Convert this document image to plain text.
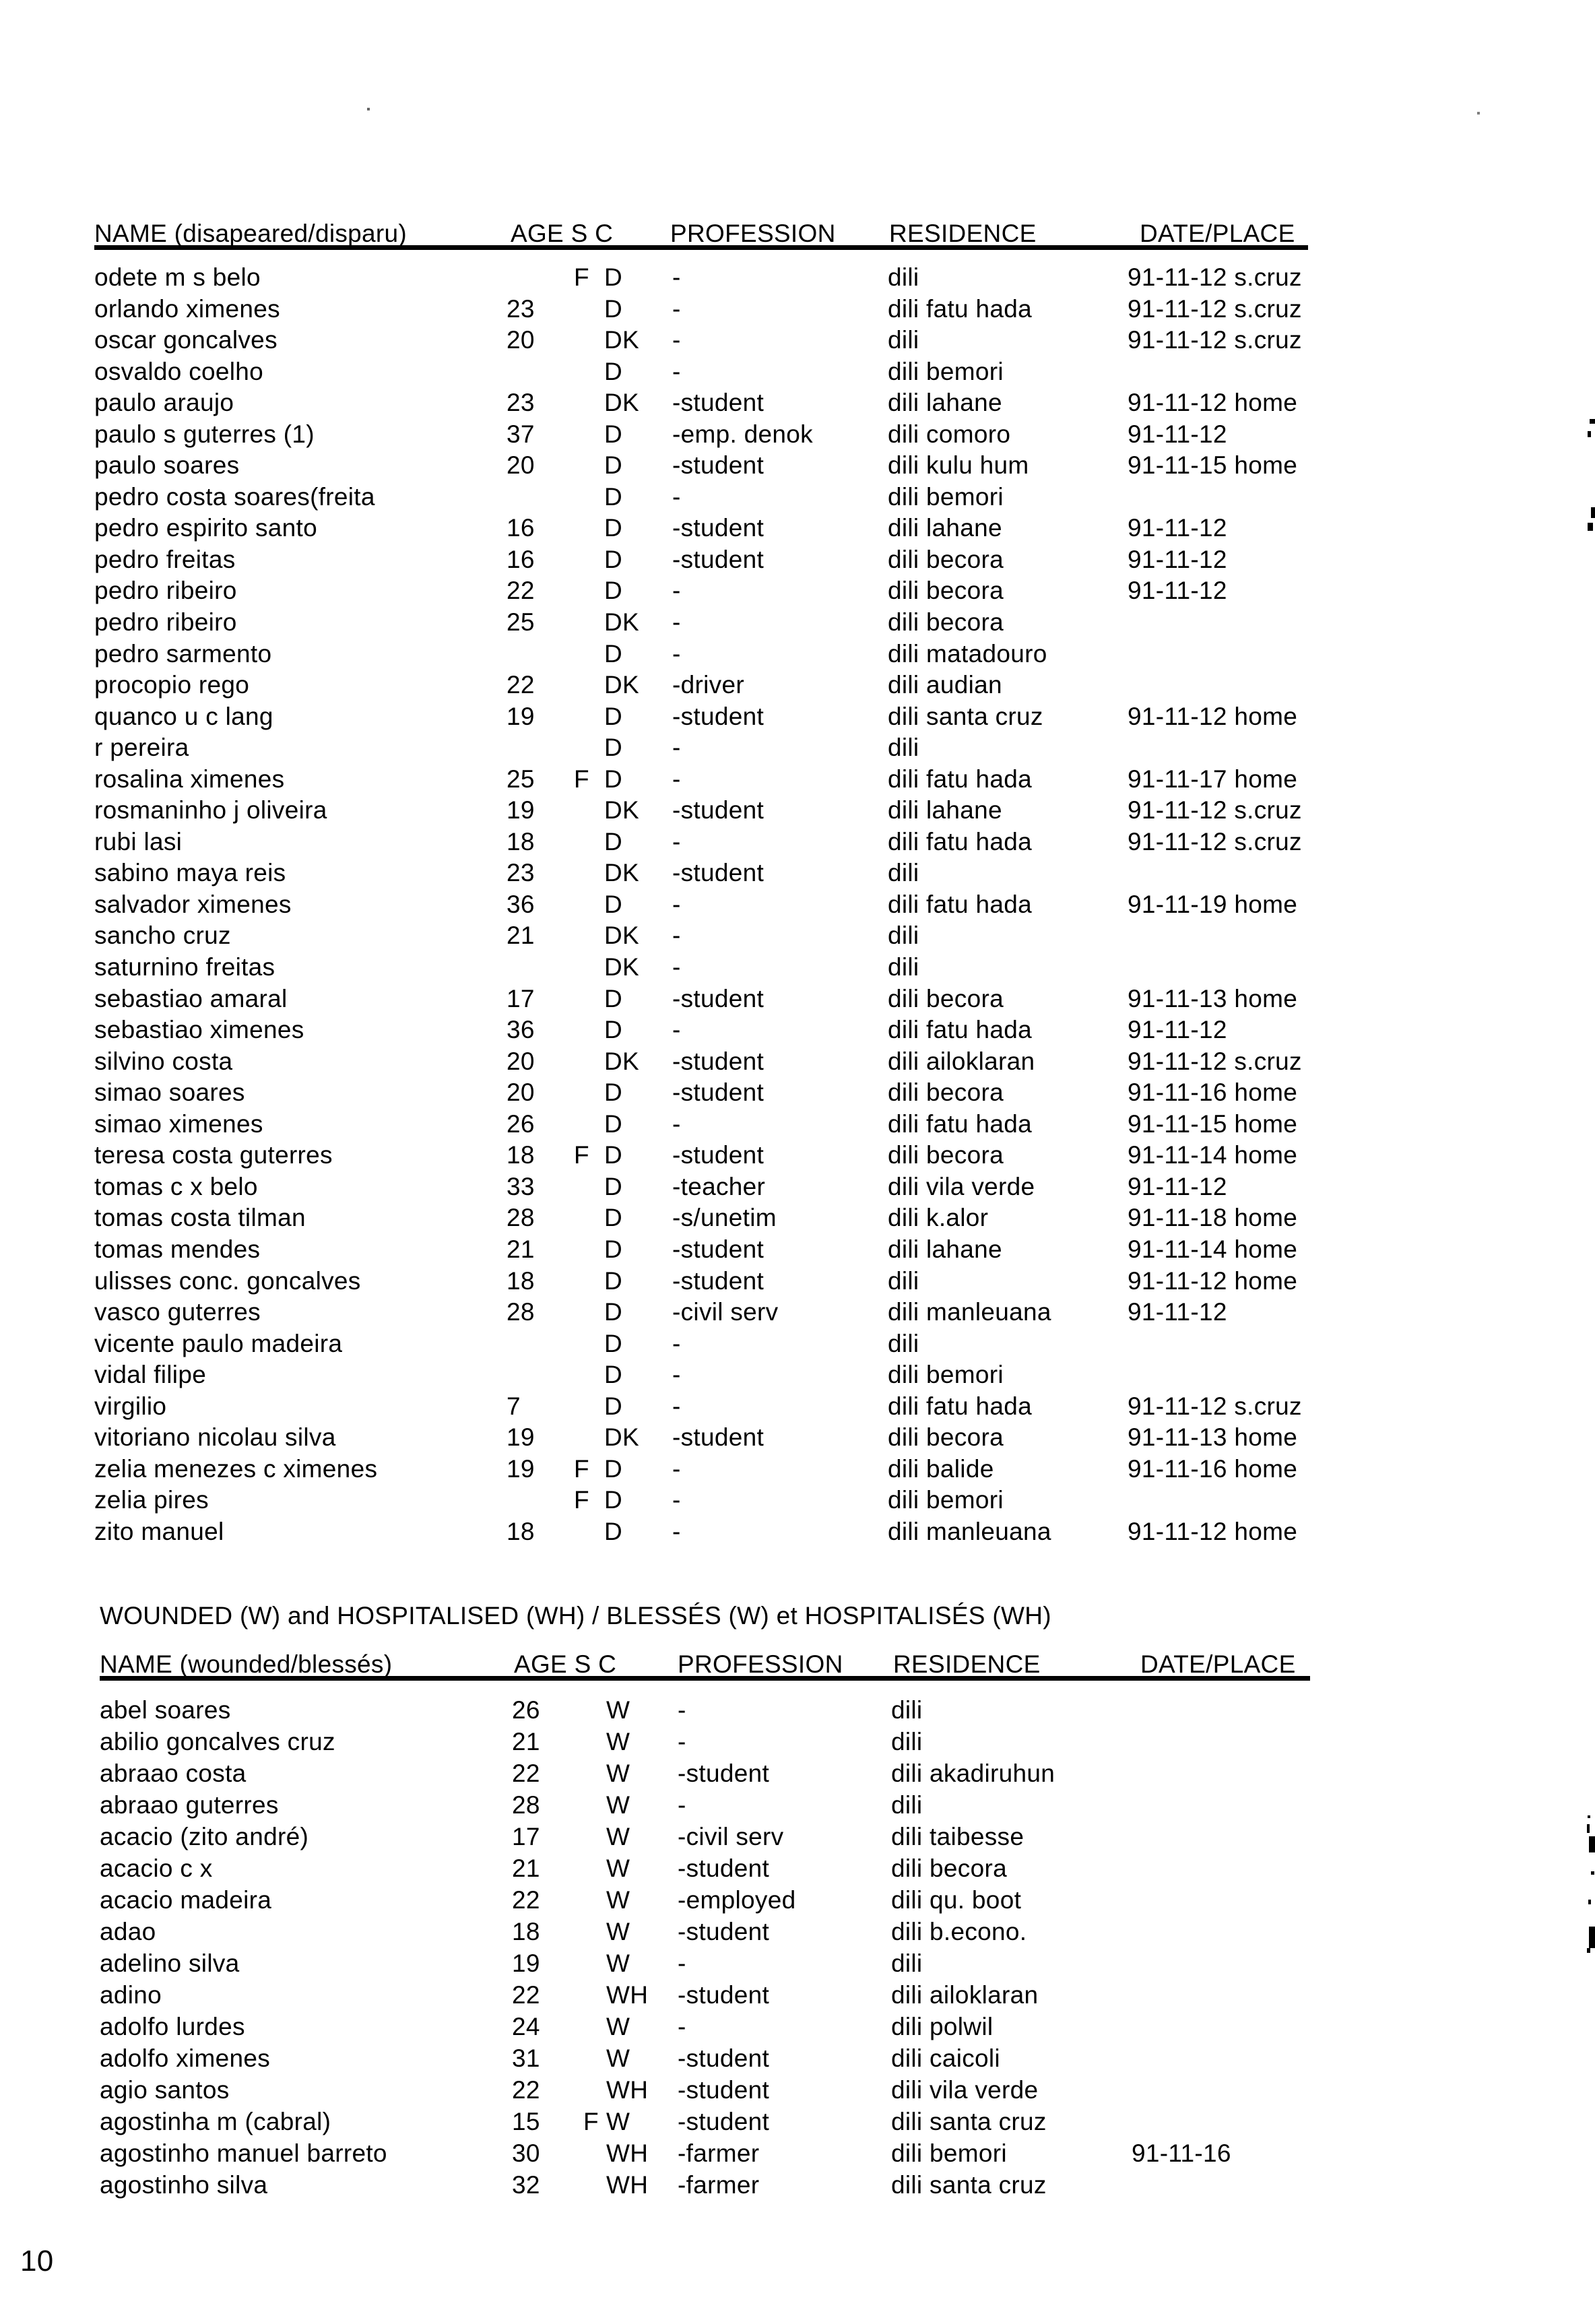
NAME (disapeared/disparu)	AGE S C PROFESSION RESIDENCE	DATE/PLACE
odete m s belo	F D -	dili	91-11-12 s.cruz
orlando ximenes	23	D -	dili fatu hada	91-11-12 s.cruz
oscar goncalves	20	DK -	dili	91-11-12 s.cruz
osvaldo coelho	D -	dili bemori
paulo araujo	23	DK -student	dili lahane	91-11-12 home
paulo s guterres (1)	37	D -emp. denok	dili comoro	91-11-12
paulo soares	20	D -student	dili kulu hum	91-11-15 home
pedro costa soares(freita	D -	dili bemori
pedro espirito santo	16	D -student	dili lahane	91-11-12
pedro freitas	16	D -student	dili becora	91-11-12
pedro ribeiro	22	D -	dili becora	91-11-12
pedro ribeiro	25	DK -	dili becora
pedro sarmento	D -	dili matadouro
procopio rego	22	DK -driver	dili audian
quanco u c lang	19	D -student	dili santa cruz	91-11-12 home
r pereira	D -	dili
rosalina ximenes	25 F D -	dili fatu hada	91-11-17 home
rosmaninho j oliveira	19	DK -student	dili lahane	91-11-12 s.cruz
rubi lasi	18	D -	dili fatu hada	91-11-12 s.cruz
sabino maya reis	23	DK -student	dili
salvador ximenes	36	D -	dili fatu hada	91-11-19 home
sancho cruz	21	DK -	dili
saturnino freitas	DK -	dili
sebastiao amaral	17	D -student	dili becora	91-11-13 home
sebastiao ximenes	36	D -	dili fatu hada	91-11-12
silvino costa	20	DK -student	dili ailoklaran	91-11-12 s.cruz
simao soares	20	D -student	dili becora	91-11-16 home
simao ximenes	26	D -	dili fatu hada	91-11-15 home
teresa costa guterres	18 F D -student	dili becora	91-11-14 home
tomas c x belo	33	D -teacher	dili vila verde	91-11-12
tomas costa tilman	28	D -s/unetim	dili k.alor	91-11-18 home
tomas mendes	21	D -student	dili lahane	91-11-14 home
ulisses conc. goncalves	18	D -student	dili	91-11-12 home
vasco guterres	28	D -civil serv	dili manleuana	91-11-12
vicente paulo madeira	D -	dili
vidal filipe	D -	dili bemori
virgilio	7	D -	dili fatu hada	91-11-12 s.cruz
vitoriano nicolau silva	19	DK -student	dili becora	91-11-13 home
zelia menezes c ximenes	19 F D -	dili balide	91-11-16 home
zelia pires	F D -	dili bemori
zito manuel	18	D -	dili manleuana	91-11-12 home
WOUNDED (W) and HOSPITALISED (WH) / BLESSÉS (W) et HOSPITALISÉS (WH)
NAME (wounded/blessés)	AGE S C PROFESSION RESIDENCE	DATE/PLACE
abel soares	26	W -	dili
abilio goncalves cruz	21	W -	dili
abraao costa	22	W -student	dili akadiruhun
abraao guterres	28	W -	dili
acacio (zito andré)	17	W -civil serv	dili taibesse
acacio c x	21	W -student	dili becora
acacio madeira	22	W -employed	dili qu. boot
adao	18	W -student	dili b.econo.
adelino silva	19	W -	dili
adino	22	WH -student	dili ailoklaran
adolfo lurdes	24	W -	dili polwil
adolfo ximenes	31	W -student	dili caicoli
agio santos	22	WH -student	dili vila verde
agostinha m (cabral)	15 F W -student	dili santa cruz
agostinho manuel barreto	30	WH -farmer	dili bemori	91-11-16
agostinho silva	32	WH -farmer	dili santa cruz
10
